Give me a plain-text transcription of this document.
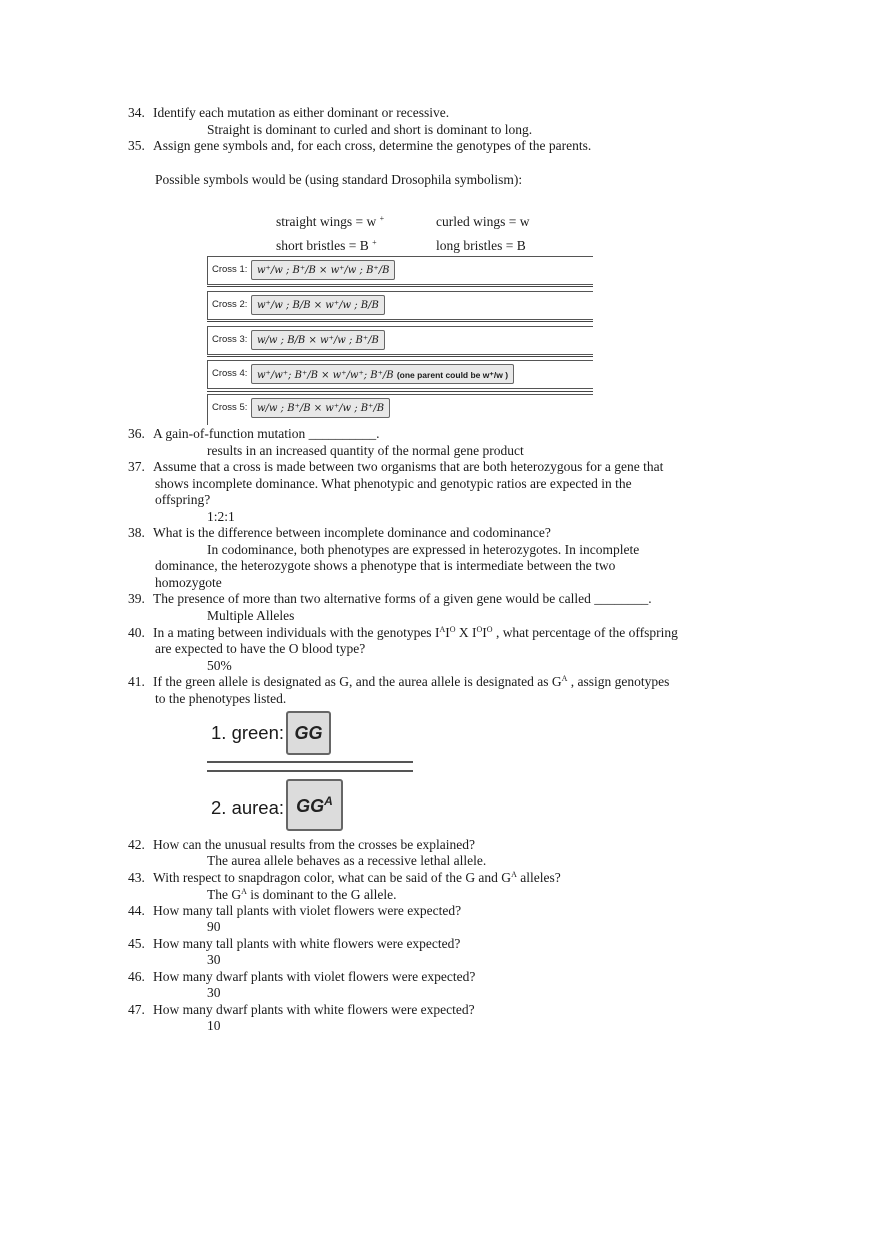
34. Identify each mutation as either dominant or recessive.
Straight is dominant to curled and short is dominant to long.
35. Assign gene symbols and, for each cross, determine the genotypes of the parents.
Possible symbols would be (using standard Drosophila symbolism):
straight wings = w +	curled wings = w
short bristles = B +	long bristles = B
Cross 1: w⁺/w ; B⁺/B × w⁺/w ; B⁺/B
Cross 2: w⁺/w ; B/B × w⁺/w ; B/B
Cross 3: w/w ; B/B × w⁺/w ; B⁺/B
Cross 4: w⁺/w⁺; B⁺/B × w⁺/w⁺; B⁺/B (one parent could be w⁺/w )
Cross 5: w/w ; B⁺/B × w⁺/w ; B⁺/B
36. A gain-of-function mutation __________.
results in an increased quantity of the normal gene product
37. Assume that a cross is made between two organisms that are both heterozygous for a gene that
shows incomplete dominance. What phenotypic and genotypic ratios are expected in the
offspring?
1:2:1
38. What is the difference between incomplete dominance and codominance?
In codominance, both phenotypes are expressed in heterozygotes. In incomplete
dominance, the heterozygote shows a phenotype that is intermediate between the two
homozygote
39. The presence of more than two alternative forms of a given gene would be called ________.
Multiple Alleles
40. In a mating between individuals with the genotypes $I^AI^O$ X $I^OI^O$ , what percentage of the offspring
are expected to have the O blood type?
50%
41. If the green allele is designated as G, and the aurea allele is designated as $G^A$ , assign genotypes
to the phenotypes listed.
1. green: GG
2. aurea: $GG^A$
42. How can the unusual results from the crosses be explained?
The aurea allele behaves as a recessive lethal allele.
43. With respect to snapdragon color, what can be said of the G and $G^A$ alleles?
The $G^A$ is dominant to the G allele.
44. How many tall plants with violet flowers were expected?
90
45. How many tall plants with white flowers were expected?
30
46. How many dwarf plants with violet flowers were expected?
30
47. How many dwarf plants with white flowers were expected?
10
